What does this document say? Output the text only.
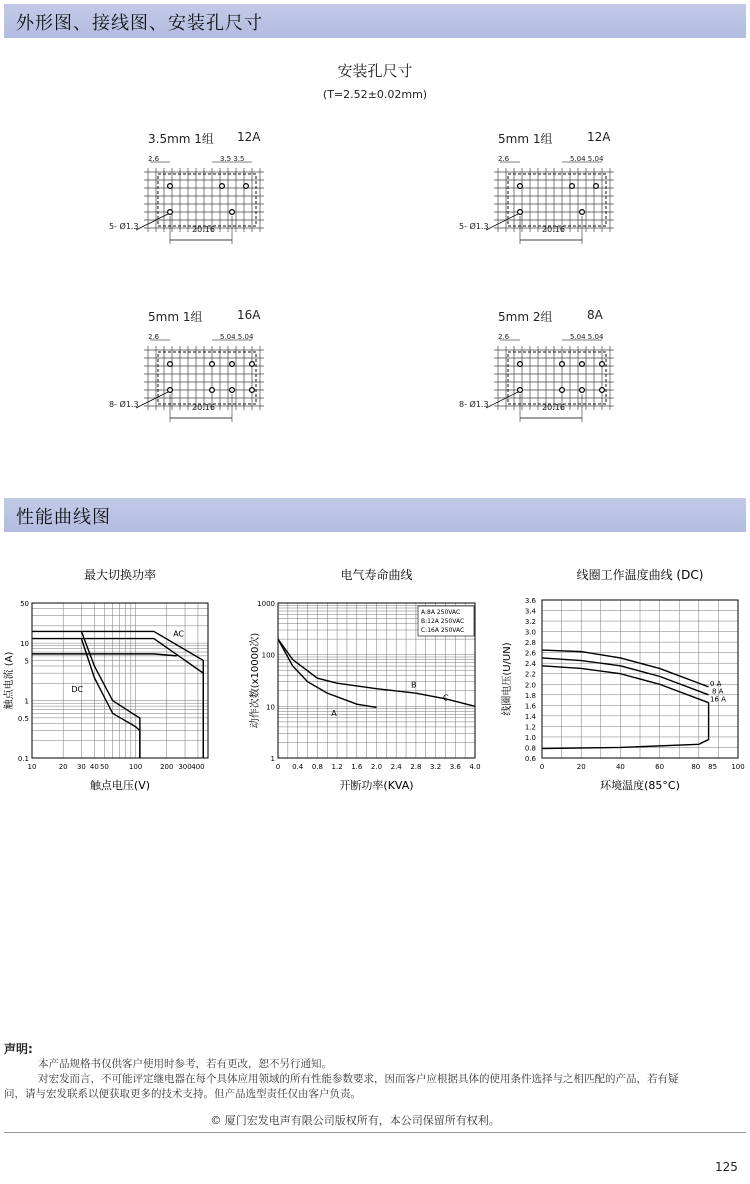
外形图、接线图、安装孔尺寸
安装孔尺寸
(T=2.52±0.02mm)
3.5mm 1组 12A
2.6	3.5 3.5
5- Ø1.3	20.16
5mm 1组	12A
2.6	5.04 5.04
5- Ø1.3	20.16
5mm 1组	16A
2.6	5.04 5.04
8- Ø1.3	20.16
5mm 2组	8A
2.6	5.04 5.04
8- Ø1.3	20.16
性能曲线图
最大切换功率
10	20 30 40 50	100	200 300 400
50
10
5
1
0.5
0.1
触点电压(V)
触点电流 (A)
AC
DC
电气寿命曲线
0 0.4 0.8 1.2 1.6 2.0 2.4 2.8 3.2 3.6 4.0
1000
100
10
1
开断功率(KVA)
动作次数(x10000次)
A:8A 250VAC
B:12A 250VAC
C:16A 250VAC
A
B
C
线圈工作温度曲线 (DC)
0	20	40	60	80 85 100
3.6
3.4
3.2
3.0
2.8
2.6
2.4
2.2
2.0
1.8
1.6
1.4
1.2
1.0
0.8
0.6
环境温度(85°C)
线圈电压(U/UN)	0 A
8 A
16 A
声明:
本产品规格书仅供客户使用时参考，若有更改，恕不另行通知。
对宏发而言，不可能评定继电器在每个具体应用领域的所有性能参数要求，因而客户应根据具体的使用条件选择与之相匹配的产品，若有疑
问，请与宏发联系以便获取更多的技术支持。但产品选型责任仅由客户负责。
© 厦门宏发电声有限公司版权所有，本公司保留所有权利。
125
